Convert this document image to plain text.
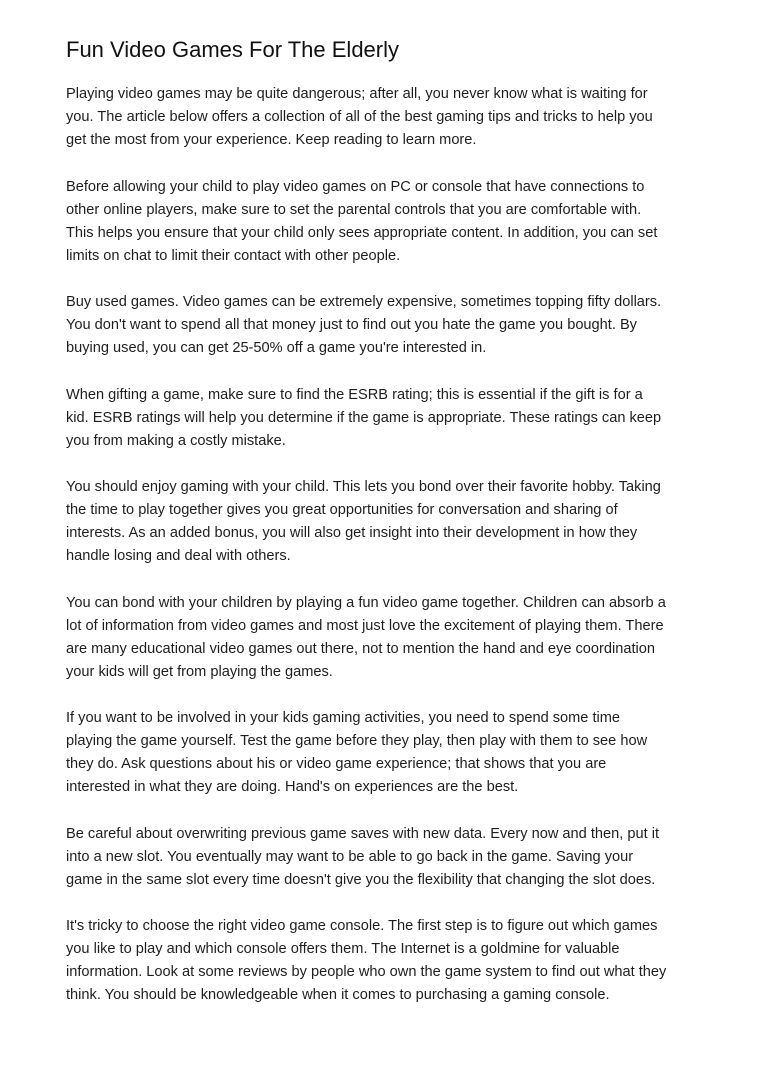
Fun Video Games For The Elderly

Playing video games may be quite dangerous; after all, you never know what is waiting for
you. The article below offers a collection of all of the best gaming tips and tricks to help you
get the most from your experience. Keep reading to learn more.

Before allowing your child to play video games on PC or console that have connections to
other online players, make sure to set the parental controls that you are comfortable with.
This helps you ensure that your child only sees appropriate content. In addition, you can set
limits on chat to limit their contact with other people.

Buy used games. Video games can be extremely expensive, sometimes topping fifty dollars.
You don't want to spend all that money just to find out you hate the game you bought. By
buying used, you can get 25-50% off a game you're interested in.

When gifting a game, make sure to find the ESRB rating; this is essential if the gift is for a
kid. ESRB ratings will help you determine if the game is appropriate. These ratings can keep
you from making a costly mistake.

You should enjoy gaming with your child. This lets you bond over their favorite hobby. Taking
the time to play together gives you great opportunities for conversation and sharing of
interests. As an added bonus, you will also get insight into their development in how they
handle losing and deal with others.

You can bond with your children by playing a fun video game together. Children can absorb a
lot of information from video games and most just love the excitement of playing them. There
are many educational video games out there, not to mention the hand and eye coordination
your kids will get from playing the games.

If you want to be involved in your kids gaming activities, you need to spend some time
playing the game yourself. Test the game before they play, then play with them to see how
they do. Ask questions about his or video game experience; that shows that you are
interested in what they are doing. Hand's on experiences are the best.

Be careful about overwriting previous game saves with new data. Every now and then, put it
into a new slot. You eventually may want to be able to go back in the game. Saving your
game in the same slot every time doesn't give you the flexibility that changing the slot does.

It's tricky to choose the right video game console. The first step is to figure out which games
you like to play and which console offers them. The Internet is a goldmine for valuable
information. Look at some reviews by people who own the game system to find out what they
think. You should be knowledgeable when it comes to purchasing a gaming console.
